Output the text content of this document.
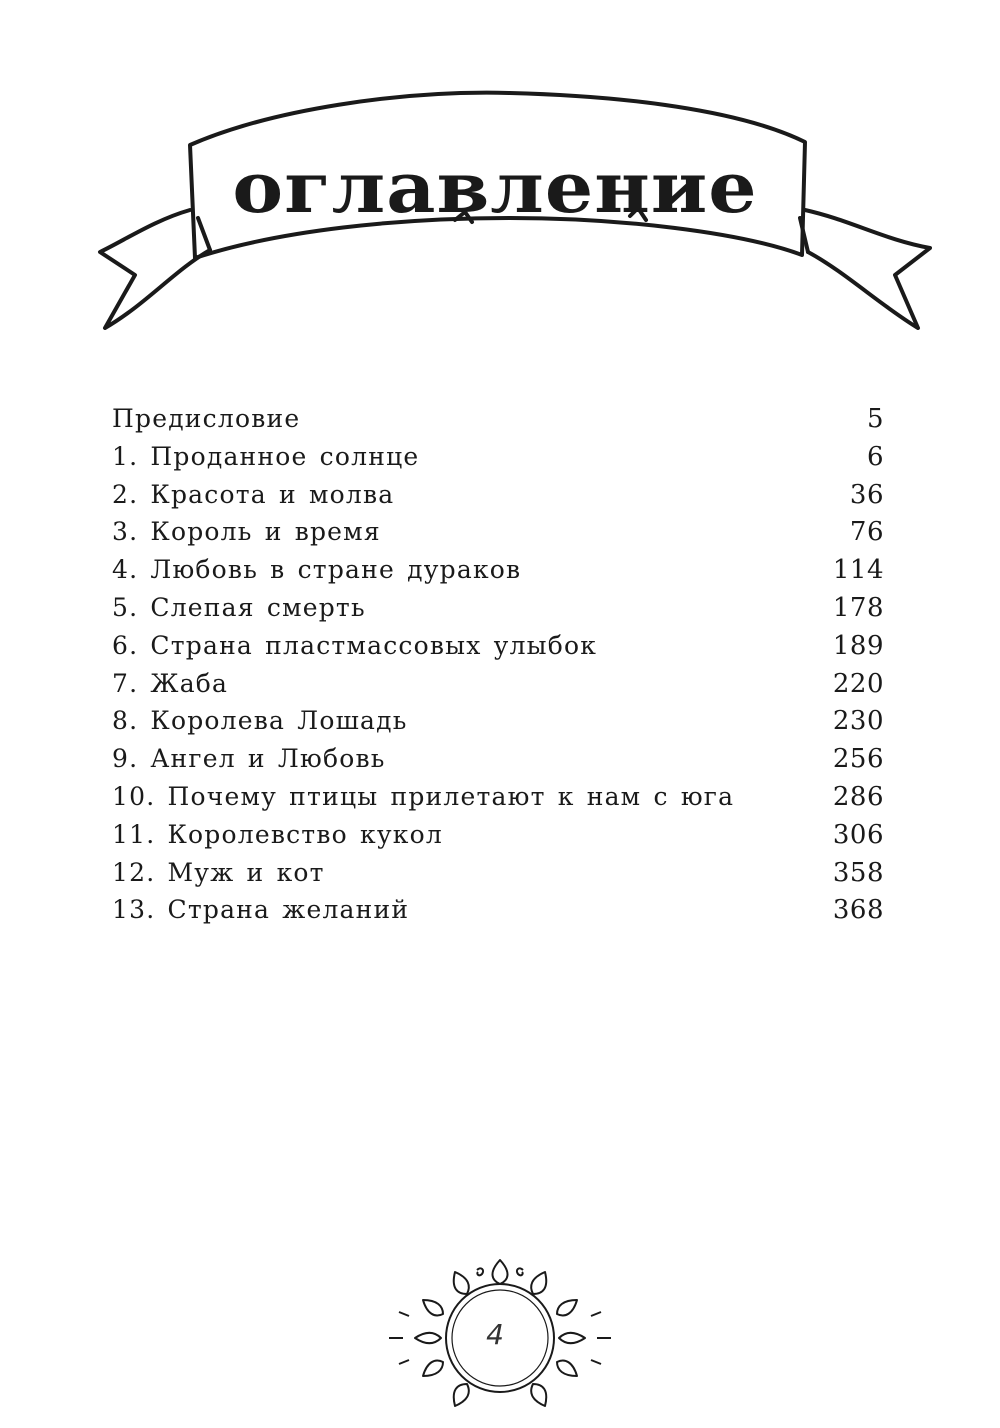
оглавление
Предисловие	5
1. Проданное солнце	6
2. Красота и молва	36
3. Король и время	76
4. Любовь в стране дураков	114
5. Слепая смерть	178
6. Страна пластмассовых улыбок	189
7. Жаба	220
8. Королева Лошадь	230
9. Ангел и Любовь	256
10. Почему птицы прилетают к нам с юга	286
11. Королевство кукол	306
12. Муж и кот	358
13. Страна желаний	368
4
